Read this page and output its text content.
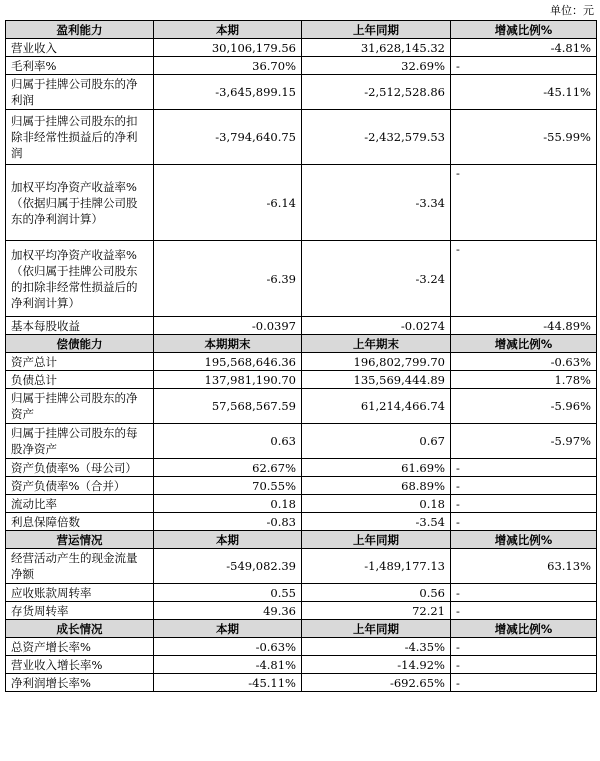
单位：元
盈利能力	本期	上年同期	增减比例%
营业收入	30,106,179.56	31,628,145.32	-4.81%
毛利率%	36.70%	32.69%	-
归属于挂牌公司股东的净利润	-3,645,899.15	-2,512,528.86	-45.11%
归属于挂牌公司股东的扣除非经常性损益后的净利润	-3,794,640.75	-2,432,579.53	-55.99%
加权平均净资产收益率%（依据归属于挂牌公司股东的净利润计算）	-6.14	-3.34	-
加权平均净资产收益率%（依归属于挂牌公司股东的扣除非经常性损益后的净利润计算）	-6.39	-3.24	-
基本每股收益	-0.0397	-0.0274	-44.89%
偿债能力	本期期末	上年期末	增减比例%
资产总计	195,568,646.36	196,802,799.70	-0.63%
负债总计	137,981,190.70	135,569,444.89	1.78%
归属于挂牌公司股东的净资产	57,568,567.59	61,214,466.74	-5.96%
归属于挂牌公司股东的每股净资产	0.63	0.67	-5.97%
资产负债率%（母公司）	62.67%	61.69%	-
资产负债率%（合并）	70.55%	68.89%	-
流动比率	0.18	0.18	-
利息保障倍数	-0.83	-3.54	-
营运情况	本期	上年同期	增减比例%
经营活动产生的现金流量净额	-549,082.39	-1,489,177.13	63.13%
应收账款周转率	0.55	0.56	-
存货周转率	49.36	72.21	-
成长情况	本期	上年同期	增减比例%
总资产增长率%	-0.63%	-4.35%	-
营业收入增长率%	-4.81%	-14.92%	-
净利润增长率%	-45.11%	-692.65%	-
